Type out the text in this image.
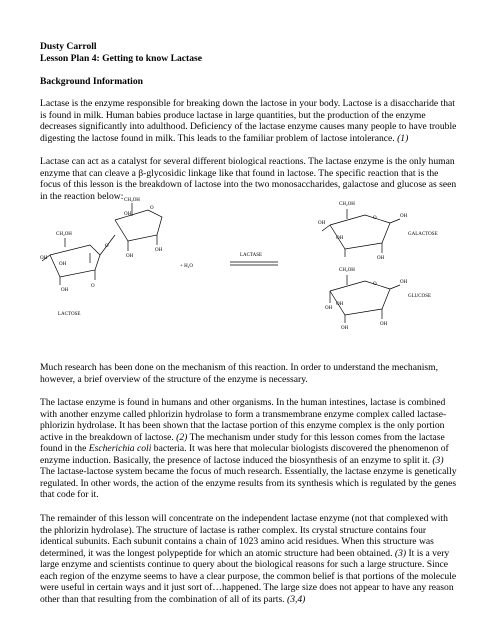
Dusty Carroll

Lesson Plan 4: Getting to know Lactase

Background Information

Lactase is the enzyme responsible for breaking down the lactose in your body. Lactose is a disaccharide that is found in milk. Human babies produce lactase in large quantities, but the production of the enzyme decreases significantly into adulthood. Deficiency of the lactase enzyme causes many people to have trouble digesting the lactose found in milk. This leads to the familiar problem of lactose intolerance. (1)

Lactase can act as a catalyst for several different biological reactions. The lactase enzyme is the only human enzyme that can cleave a β-glycosidic linkage like that found in lactose. The specific reaction that is the focus of this lesson is the breakdown of lactose into the two monosaccharides, galactose and glucose as seen in the reaction below:

CH₂OH
CH₂OH
OH
OH
OH
O
O
OH
O
OH
OH
+ H₂O
LACTASE
LACTOSE
CH₂OH
OH
OH
OH
O
OH
GALACTOSE
CH₂OH
O	OH
GLUCOSE
OH
OH
OH
OH

Much research has been done on the mechanism of this reaction. In order to understand the mechanism, however, a brief overview of the structure of the enzyme is necessary.

The lactase enzyme is found in humans and other organisms. In the human intestines, lactase is combined with another enzyme called phlorizin hydrolase to form a transmembrane enzyme complex called lactase-phlorizin hydrolase. It has been shown that the lactase portion of this enzyme complex is the only portion active in the breakdown of lactose. (2) The mechanism under study for this lesson comes from the lactase found in the Escherichia coli bacteria. It was here that molecular biologists discovered the phenomenon of enzyme induction. Basically, the presence of lactose induced the biosynthesis of an enzyme to split it. (3) The lactase-lactose system became the focus of much research. Essentially, the lactase enzyme is genetically regulated. In other words, the action of the enzyme results from its synthesis which is regulated by the genes that code for it.

The remainder of this lesson will concentrate on the independent lactase enzyme (not that complexed with the phlorizin hydrolase). The structure of lactase is rather complex. Its crystal structure contains four identical subunits. Each subunit contains a chain of 1023 amino acid residues. When this structure was determined, it was the longest polypeptide for which an atomic structure had been obtained. (3) It is a very large enzyme and scientists continue to query about the biological reasons for such a large structure. Since each region of the enzyme seems to have a clear purpose, the common belief is that portions of the molecule were useful in certain ways and it just sort of…happened. The large size does not appear to have any reason other than that resulting from the combination of all of its parts. (3,4)
